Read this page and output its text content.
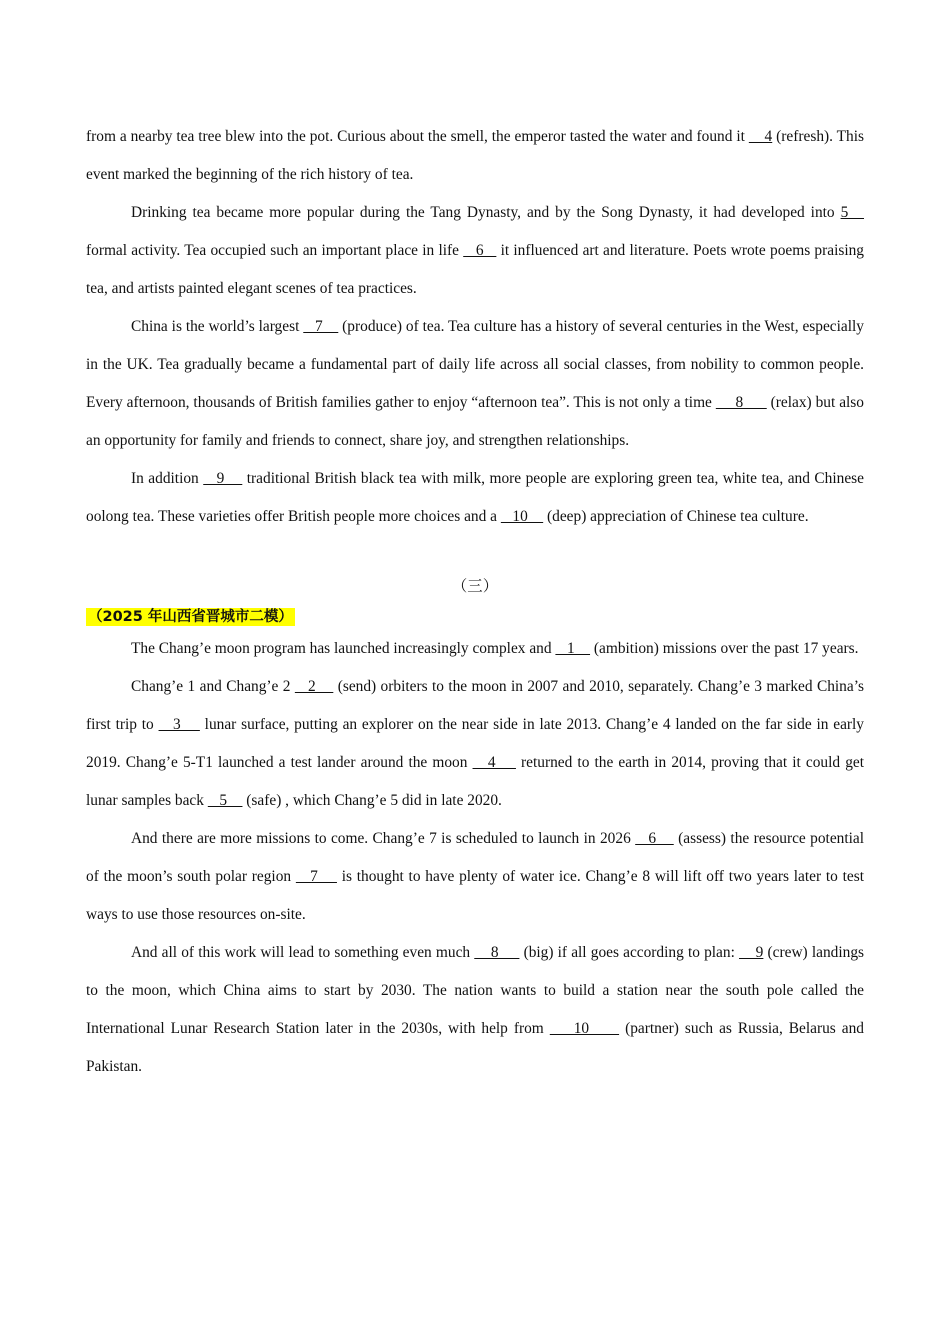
from a nearby tea tree blew into the pot. Curious about the smell, the emperor tasted the water and found it     4 (refresh). This event marked the beginning of the rich history of tea.

Drinking tea became more popular during the Tang Dynasty, and by the Song Dynasty, it had developed into 5    formal activity. Tea occupied such an important place in life    6    it influenced art and literature. Poets wrote poems praising tea, and artists painted elegant scenes of tea practices.

China is the world’s largest    7     (produce) of tea. Tea culture has a history of several centuries in the West, especially in the UK. Tea gradually became a fundamental part of daily life across all social classes, from nobility to common people. Every afternoon, thousands of British families gather to enjoy “afternoon tea”. This is not only a time      8       (relax) but also an opportunity for family and friends to connect, share joy, and strengthen relationships.

In addition    9     traditional British black tea with milk, more people are exploring green tea, white tea, and Chinese oolong tea. These varieties offer British people more choices and a    10     (deep) appreciation of Chinese tea culture.

（三）

（2025 年山西省晋城市二模）

The Chang’e moon program has launched increasingly complex and    1     (ambition) missions over the past 17 years.

Chang’e 1 and Chang’e 2    2     (send) orbiters to the moon in 2007 and 2010, separately. Chang’e 3 marked China’s first trip to    3     lunar surface, putting an explorer on the near side in late 2013. Chang’e 4 landed on the far side in early 2019. Chang’e 5-T1 launched a test lander around the moon    4     returned to the earth in 2014, proving that it could get lunar samples back    5     (safe) , which Chang’e 5 did in late 2020.

And there are more missions to come. Chang’e 7 is scheduled to launch in 2026    6     (assess) the resource potential of the moon’s south polar region    7     is thought to have plenty of water ice. Chang’e 8 will lift off two years later to test ways to use those resources on-site.

And all of this work will lead to something even much     8      (big) if all goes according to plan:     9 (crew) landings to the moon, which China aims to start by 2030. The nation wants to build a station near the south pole called the International Lunar Research Station later in the 2030s, with help from     10      (partner) such as Russia, Belarus and Pakistan.
